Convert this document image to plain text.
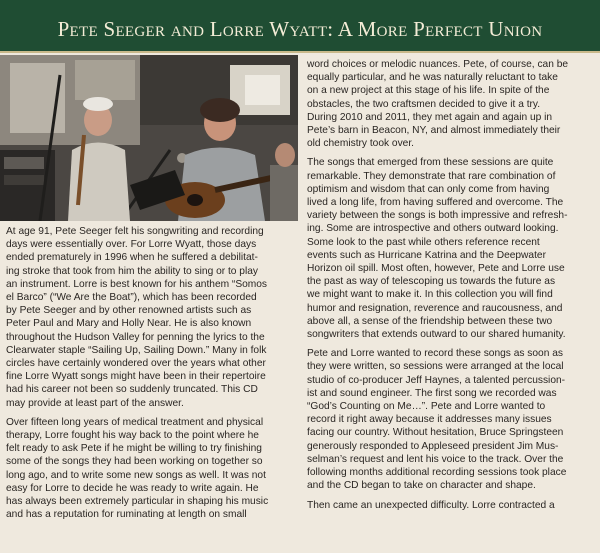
Pete Seeger and Lorre Wyatt: A More Perfect Union

At age 91, Pete Seeger felt his songwriting and recording
days were essentially over. For Lorre Wyatt, those days
ended prematurely in 1996 when he suffered a debilitat-
ing stroke that took from him the ability to sing or to play
an instrument. Lorre is best known for his anthem “Somos
el Barco” (“We Are the Boat”), which has been recorded
by Pete Seeger and by other renowned artists such as
Peter Paul and Mary and Holly Near. He is also known
throughout the Hudson Valley for penning the lyrics to the
Clearwater staple “Sailing Up, Sailing Down.” Many in folk
circles have certainly wondered over the years what other
fine Lorre Wyatt songs might have been in their repertoire
had his career not been so suddenly truncated. This CD
may provide at least part of the answer.

Over fifteen long years of medical treatment and physical
therapy, Lorre fought his way back to the point where he
felt ready to ask Pete if he might be willing to try finishing
some of the songs they had been working on together so
long ago, and to write some new songs as well. It was not
easy for Lorre to decide he was ready to write again. He
has always been extremely particular in shaping his music
and has a reputation for ruminating at length on small

word choices or melodic nuances. Pete, of course, can be
equally particular, and he was naturally reluctant to take
on a new project at this stage of his life. In spite of the
obstacles, the two craftsmen decided to give it a try.
During 2010 and 2011, they met again and again up in
Pete’s barn in Beacon, NY, and almost immediately their
old chemistry took over.

The songs that emerged from these sessions are quite
remarkable. They demonstrate that rare combination of
optimism and wisdom that can only come from having
lived a long life, from having suffered and overcome. The
variety between the songs is both impressive and refresh-
ing. Some are introspective and others outward looking.
Some look to the past while others reference recent
events such as Hurricane Katrina and the Deepwater
Horizon oil spill. Most often, however, Pete and Lorre use
the past as way of telescoping us towards the future as
we might want to make it. In this collection you will find
humor and resignation, reverence and raucousness, and
above all, a sense of the friendship between these two
songwriters that extends outward to our shared humanity.

Pete and Lorre wanted to record these songs as soon as
they were written, so sessions were arranged at the local
studio of co-producer Jeff Haynes, a talented percussion-
ist and sound engineer. The first song we recorded was
“God’s Counting on Me…”. Pete and Lorre wanted to
record it right away because it addresses many issues
facing our country. Without hesitation, Bruce Springsteen
generously responded to Appleseed president Jim Mus-
selman’s request and lent his voice to the track. Over the
following months additional recording sessions took place
and the CD began to take on character and shape.

Then came an unexpected difficulty. Lorre contracted a
